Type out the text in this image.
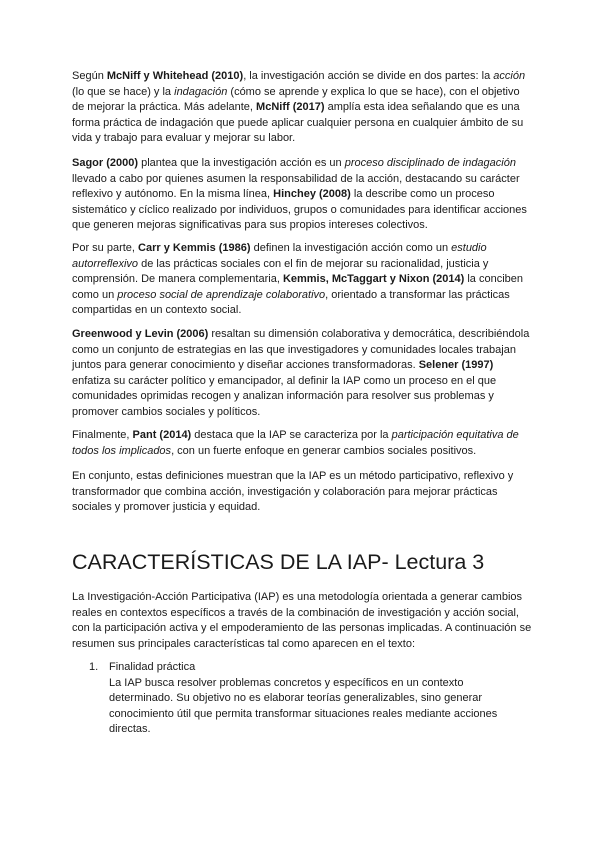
Según McNiff y Whitehead (2010), la investigación acción se divide en dos partes: la acción (lo que se hace) y la indagación (cómo se aprende y explica lo que se hace), con el objetivo de mejorar la práctica. Más adelante, McNiff (2017) amplía esta idea señalando que es una forma práctica de indagación que puede aplicar cualquier persona en cualquier ámbito de su vida y trabajo para evaluar y mejorar su labor.

Sagor (2000) plantea que la investigación acción es un proceso disciplinado de indagación llevado a cabo por quienes asumen la responsabilidad de la acción, destacando su carácter reflexivo y autónomo. En la misma línea, Hinchey (2008) la describe como un proceso sistemático y cíclico realizado por individuos, grupos o comunidades para identificar acciones que generen mejoras significativas para sus propios intereses colectivos.

Por su parte, Carr y Kemmis (1986) definen la investigación acción como un estudio autorreflexivo de las prácticas sociales con el fin de mejorar su racionalidad, justicia y comprensión. De manera complementaria, Kemmis, McTaggart y Nixon (2014) la conciben como un proceso social de aprendizaje colaborativo, orientado a transformar las prácticas compartidas en un contexto social.

Greenwood y Levin (2006) resaltan su dimensión colaborativa y democrática, describiéndola como un conjunto de estrategias en las que investigadores y comunidades locales trabajan juntos para generar conocimiento y diseñar acciones transformadoras. Selener (1997) enfatiza su carácter político y emancipador, al definir la IAP como un proceso en el que comunidades oprimidas recogen y analizan información para resolver sus problemas y promover cambios sociales y políticos.

Finalmente, Pant (2014) destaca que la IAP se caracteriza por la participación equitativa de todos los implicados, con un fuerte enfoque en generar cambios sociales positivos.

En conjunto, estas definiciones muestran que la IAP es un método participativo, reflexivo y transformador que combina acción, investigación y colaboración para mejorar prácticas sociales y promover justicia y equidad.

CARACTERÍSTICAS DE LA IAP- Lectura 3

La Investigación-Acción Participativa (IAP) es una metodología orientada a generar cambios reales en contextos específicos a través de la combinación de investigación y acción social, con la participación activa y el empoderamiento de las personas implicadas. A continuación se resumen sus principales características tal como aparecen en el texto:

1. Finalidad práctica
La IAP busca resolver problemas concretos y específicos en un contexto determinado. Su objetivo no es elaborar teorías generalizables, sino generar conocimiento útil que permita transformar situaciones reales mediante acciones directas.
